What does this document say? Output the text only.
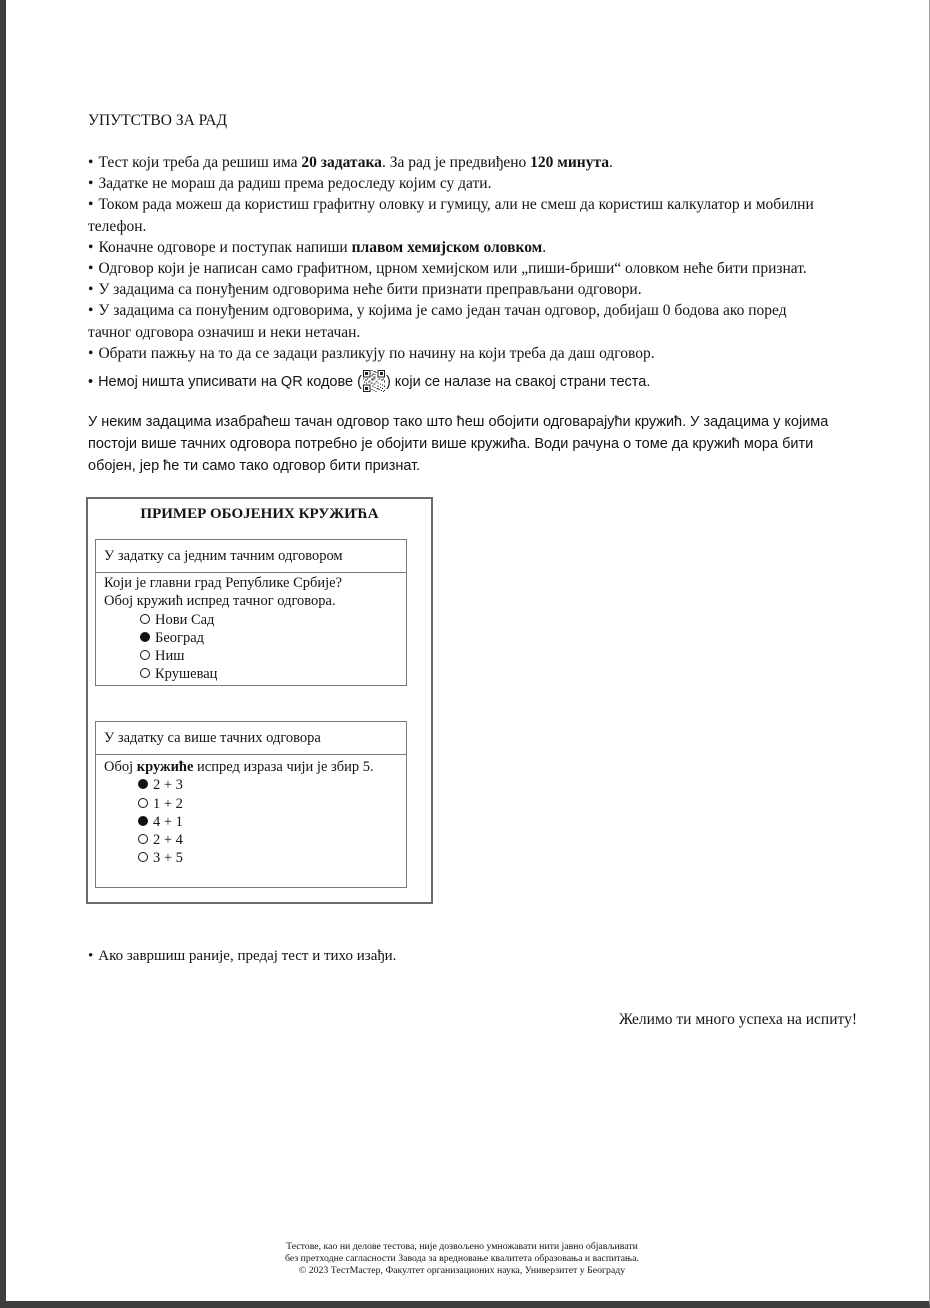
УПУТСТВО ЗА РАД
• Тест који треба да решиш има 20 задатака. За рад је предвиђено 120 минута.
• Задатке не мораш да радиш према редоследу којим су дати.
• Током рада можеш да користиш графитну оловку и гумицу, али не смеш да користиш калкулатор и мобилни
телефон.
• Коначне одговоре и поступак напиши плавом хемијском оловком.
• Одговор који је написан само графитном, црном хемијском или „пиши-бриши“ оловком неће бити признат.
• У задацима са понуђеним одговорима неће бити признати преправљани одговори.
• У задацима са понуђеним одговорима, у којима је само један тачан одговор, добијаш 0 бодова ако поред
тачног одговора означиш и неки нетачан.
• Обрати пажњу на то да се задаци разликују по начину на који треба да даш одговор.
• Немој ништа уписивати на QR кодове ( ) који се налазе на свакој страни теста.
У неким задацима изабраћеш тачан одговор тако што ћеш обојити одговарајући кружић. У задацима у којима
постоји више тачних одговора потребно је обојити више кружића. Води рачуна о томе да кружић мора бити
обојен, јер ће ти само тако одговор бити признат.
ПРИМЕР ОБОЈЕНИХ КРУЖИЋА
У задатку са једним тачним одговором
Који је главни град Републике Србије?
Обој кружић испред тачног одговора.
Нови Сад
Београд
Ниш
Крушевац
У задатку са више тачних одговора
Обој кружиће испред израза чији је збир 5.
2 + 3
1 + 2
4 + 1
2 + 4
3 + 5
• Ако завршиш раније, предај тест и тихо изађи.
Желимо ти много успеха на испиту!
Тестове, као ни делове тестова, није дозвољено умножавати нити јавно објављивати
без претходне сагласности Завода за вредновање квалитета образовања и васпитања.
© 2023 ТестМастер, Факултет организационих наука, Универзитет у Београду
